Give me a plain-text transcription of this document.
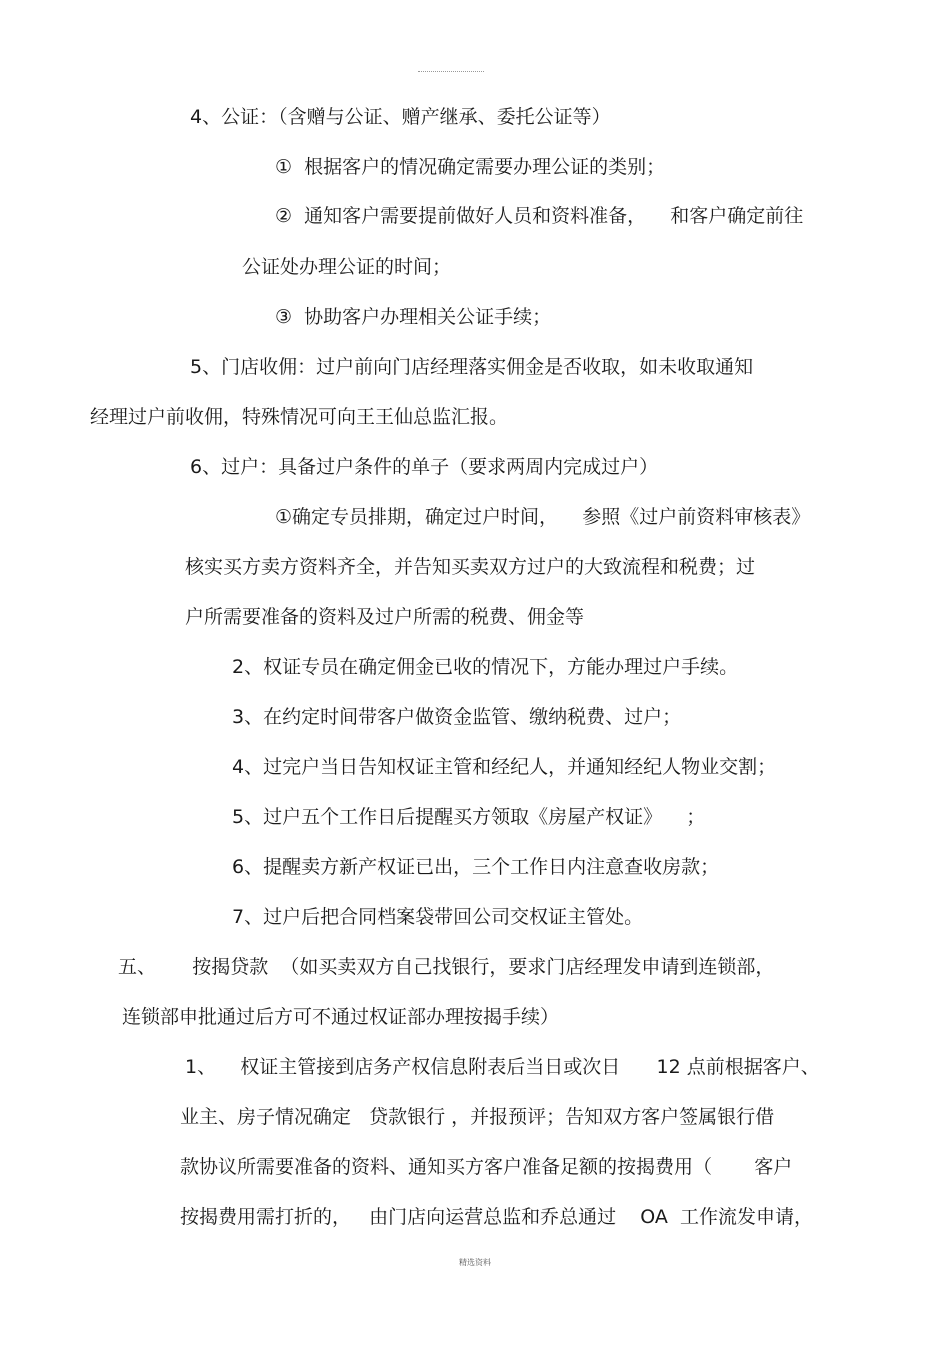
4、公证：（含赠与公证、赠产继承、委托公证等）

①  根据客户的情况确定需要办理公证的类别；

②  通知客户需要提前做好人员和资料准备，    和客户确定前往

公证处办理公证的时间；

③  协助客户办理相关公证手续；

5、门店收佣：过户前向门店经理落实佣金是否收取，如未收取通知

经理过户前收佣，特殊情况可向王王仙总监汇报。

6、过户：具备过户条件的单子（要求两周内完成过户）

①确定专员排期，确定过户时间，    参照《过户前资料审核表》

核实买方卖方资料齐全，并告知买卖双方过户的大致流程和税费；过

户所需要准备的资料及过户所需的税费、佣金等

2、权证专员在确定佣金已收的情况下，方能办理过户手续。

3、在约定时间带客户做资金监管、缴纳税费、过户；

4、过完户当日告知权证主管和经纪人，并通知经纪人物业交割；

5、过户五个工作日后提醒买方领取《房屋产权证》    ；

6、提醒卖方新产权证已出，三个工作日内注意查收房款；

7、过户后把合同档案袋带回公司交权证主管处。

五、      按揭贷款  （如买卖双方自己找银行，要求门店经理发申请到连锁部，

连锁部申批通过后方可不通过权证部办理按揭手续）

1、    权证主管接到店务产权信息附表后当日或次日      12 点前根据客户、

业主、房子情况确定   贷款银行 ，并报预评；告知双方客户签属银行借

款协议所需要准备的资料、通知买方客户准备足额的按揭费用（       客户

按揭费用需打折的，   由门店向运营总监和乔总通过    OA  工作流发申请，

精选资料
